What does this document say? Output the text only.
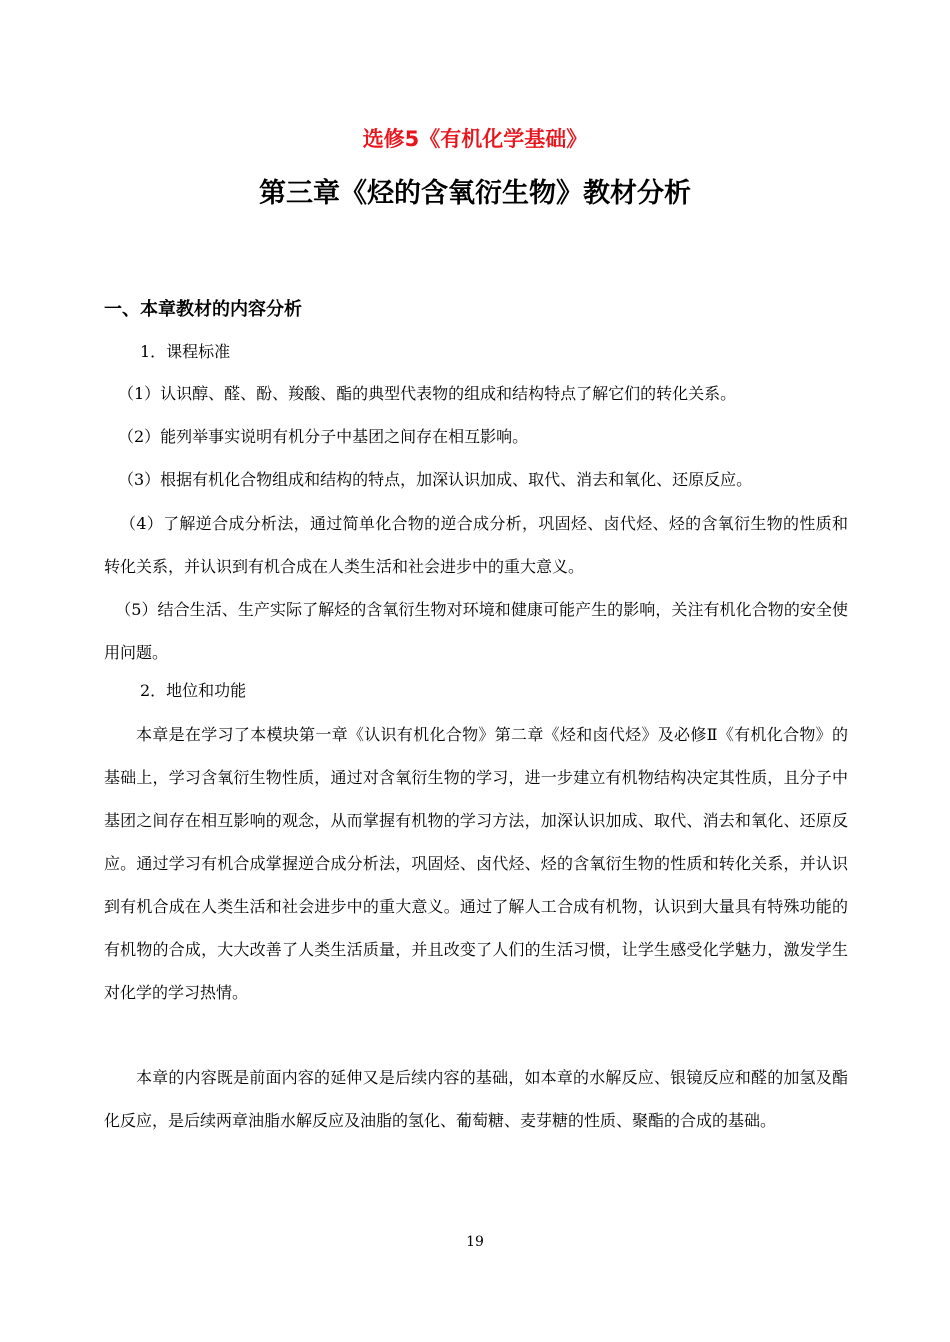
选修5《有机化学基础》
第三章《烃的含氧衍生物》教材分析
一、本章教材的内容分析
1．课程标准
（1）认识醇、醛、酚、羧酸、酯的典型代表物的组成和结构特点了解它们的转化关系。
（2）能列举事实说明有机分子中基团之间存在相互影响。
（3）根据有机化合物组成和结构的特点，加深认识加成、取代、消去和氧化、还原反应。
（4）了解逆合成分析法，通过简单化合物的逆合成分析，巩固烃、卤代烃、烃的含氧衍生物的性质和转化关系，并认识到有机合成在人类生活和社会进步中的重大意义。
（5）结合生活、生产实际了解烃的含氧衍生物对环境和健康可能产生的影响，关注有机化合物的安全使用问题。
2．地位和功能
本章是在学习了本模块第一章《认识有机化合物》第二章《烃和卤代烃》及必修Ⅱ《有机化合物》的基础上，学习含氧衍生物性质，通过对含氧衍生物的学习，进一步建立有机物结构决定其性质，且分子中基团之间存在相互影响的观念，从而掌握有机物的学习方法，加深认识加成、取代、消去和氧化、还原反应。通过学习有机合成掌握逆合成分析法，巩固烃、卤代烃、烃的含氧衍生物的性质和转化关系，并认识到有机合成在人类生活和社会进步中的重大意义。通过了解人工合成有机物，认识到大量具有特殊功能的有机物的合成，大大改善了人类生活质量，并且改变了人们的生活习惯，让学生感受化学魅力，激发学生对化学的学习热情。
本章的内容既是前面内容的延伸又是后续内容的基础，如本章的水解反应、银镜反应和醛的加氢及酯化反应，是后续两章油脂水解反应及油脂的氢化、葡萄糖、麦芽糖的性质、聚酯的合成的基础。
19
